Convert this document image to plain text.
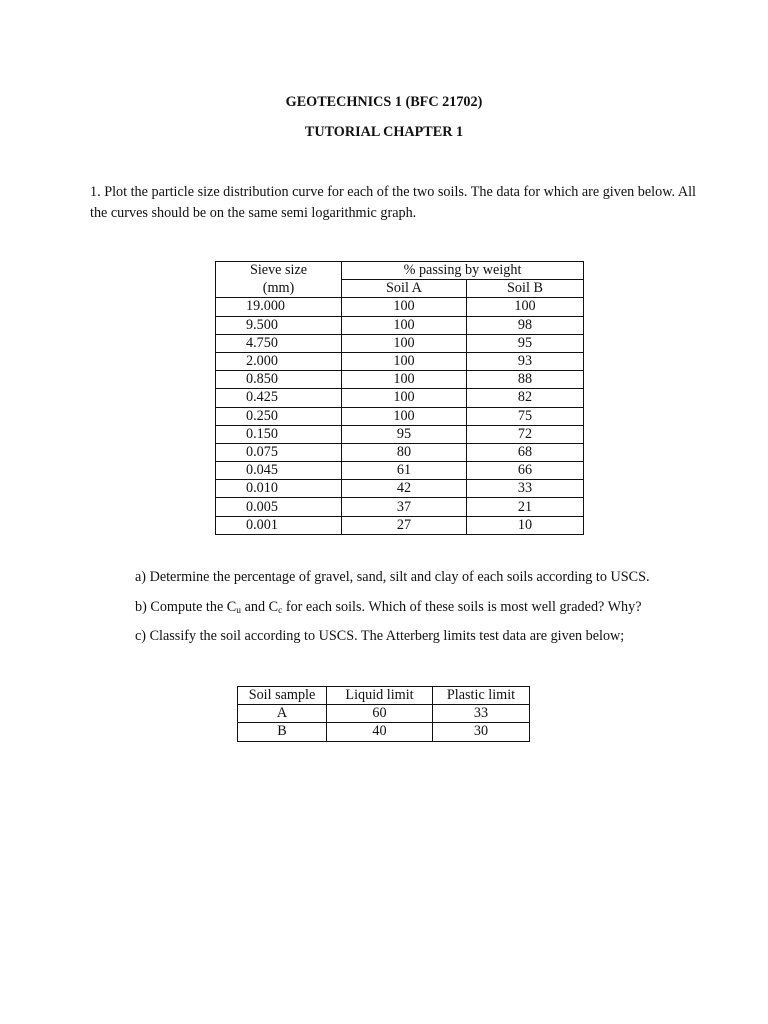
GEOTECHNICS 1 (BFC 21702)
TUTORIAL CHAPTER 1
1. Plot the particle size distribution curve for each of the two soils. The data for which are given below. All the curves should be on the same semi logarithmic graph.
Sieve size	% passing by weight	
(mm)	Soil A	Soil B
19.000	100	100
9.500	100	98
4.750	100	95
2.000	100	93
0.850	100	88
0.425	100	82
0.250	100	75
0.150	95	72
0.075	80	68
0.045	61	66
0.010	42	33
0.005	37	21
0.001	27	10
a) Determine the percentage of gravel, sand, silt and clay of each soils according to USCS.
b) Compute the $C_u$ and $C_c$ for each soils. Which of these soils is most well graded? Why?
c) Classify the soil according to USCS. The Atterberg limits test data are given below;
Soil sample	Liquid limit	Plastic limit
A	60	33
B	40	30
